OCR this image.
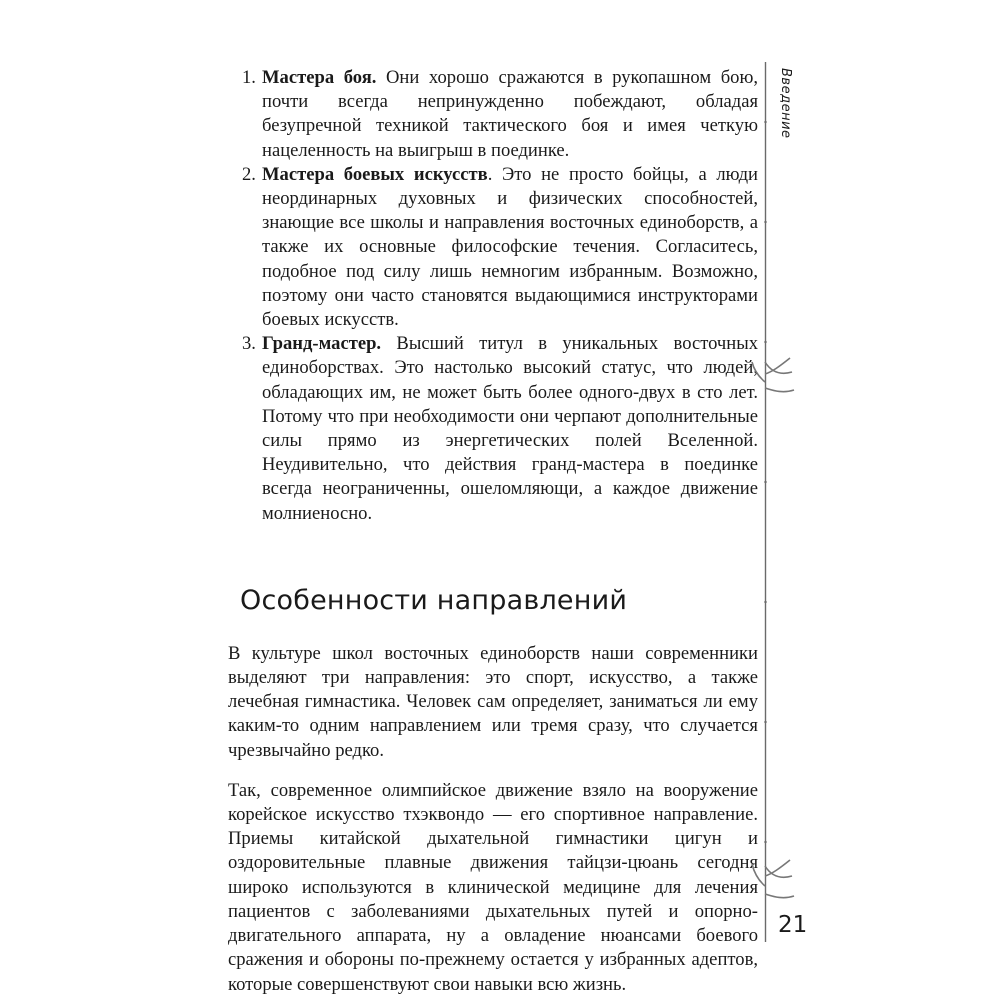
1. Мастера боя. Они хорошо сражаются в рукопашном бою, почти всегда непринужденно побеждают, обладая безупречной техникой тактического боя и имея четкую нацеленность на выигрыш в поединке.
2. Мастера боевых искусств. Это не просто бойцы, а люди неординарных духовных и физических способностей, знающие все школы и направления восточных единоборств, а также их основные философские течения. Согласитесь, подобное под силу лишь немногим избранным. Возможно, поэтому они часто становятся выдающимися инструкторами боевых искусств.
3. Гранд-мастер. Высший титул в уникальных восточных единоборствах. Это настолько высокий статус, что людей, обладающих им, не может быть более одного-двух в сто лет. Потому что при необходимости они черпают дополнительные силы прямо из энергетических полей Вселенной. Неудивительно, что действия гранд-мастера в поединке всегда неограниченны, ошеломляющи, а каждое движение молниеносно.
Особенности направлений

В культуре школ восточных единоборств наши современники выделяют три направления: это спорт, искусство, а также лечебная гимнастика. Человек сам определяет, заниматься ли ему каким-то одним направлением или тремя сразу, что случается чрезвычайно редко.

Так, современное олимпийское движение взяло на вооружение корейское искусство тхэквондо — его спортивное направление. Приемы китайской дыхательной гимнастики цигун и оздоровительные плавные движения тайцзи-цюань сегодня широко используются в клинической медицине для лечения пациентов с заболеваниями дыхательных путей и опорно-двигательного аппарата, ну а овладение нюансами боевого сражения и обороны по-прежнему остается у избранных адептов, которые совершенствуют свои навыки всю жизнь.

Введение
21
